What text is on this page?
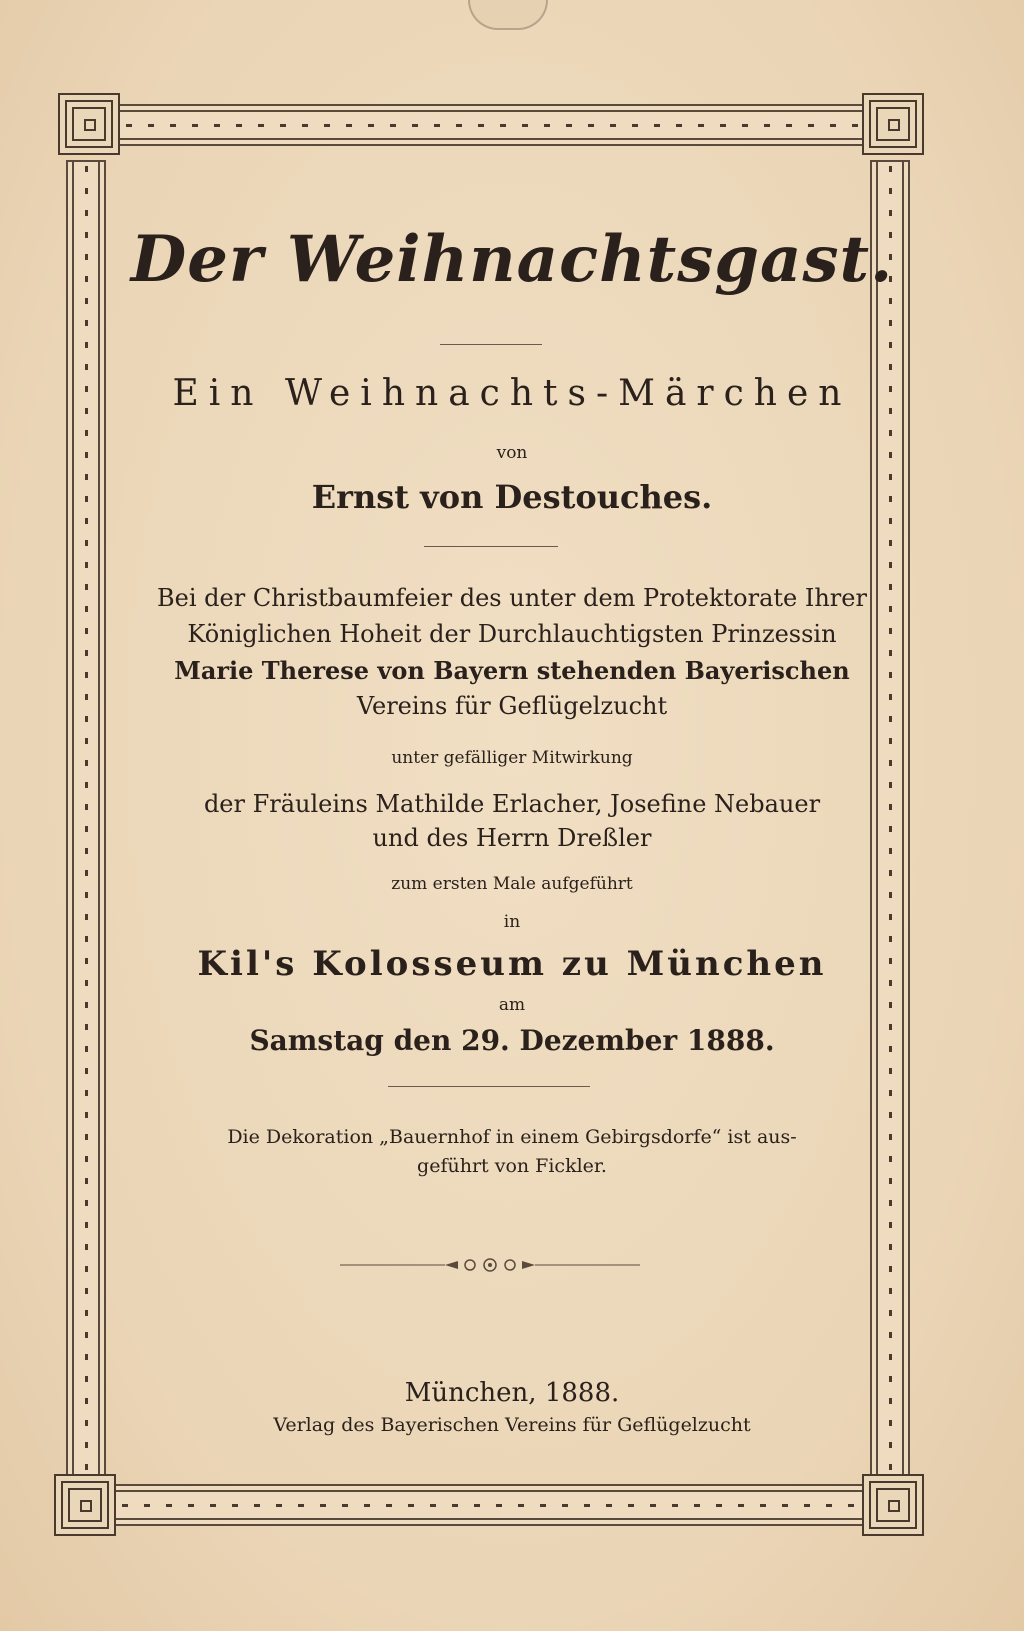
Der Weihnachtsgast.
Ein Weihnachts-Märchen
von
Ernst von Destouches.
Bei der Christbaumfeier des unter dem Protektorate Ihrer
Königlichen Hoheit der Durchlauchtigsten Prinzessin
Marie Therese von Bayern stehenden Bayerischen
Vereins für Geflügelzucht
unter gefälliger Mitwirkung
der Fräuleins Mathilde Erlacher, Josefine Nebauer
und des Herrn Dreßler
zum ersten Male aufgeführt
in
Kil's Kolosseum zu München
am
Samstag den 29. Dezember 1888.
Die Dekoration „Bauernhof in einem Gebirgsdorfe“ ist aus-
geführt von Fickler.
München, 1888.
Verlag des Bayerischen Vereins für Geflügelzucht
